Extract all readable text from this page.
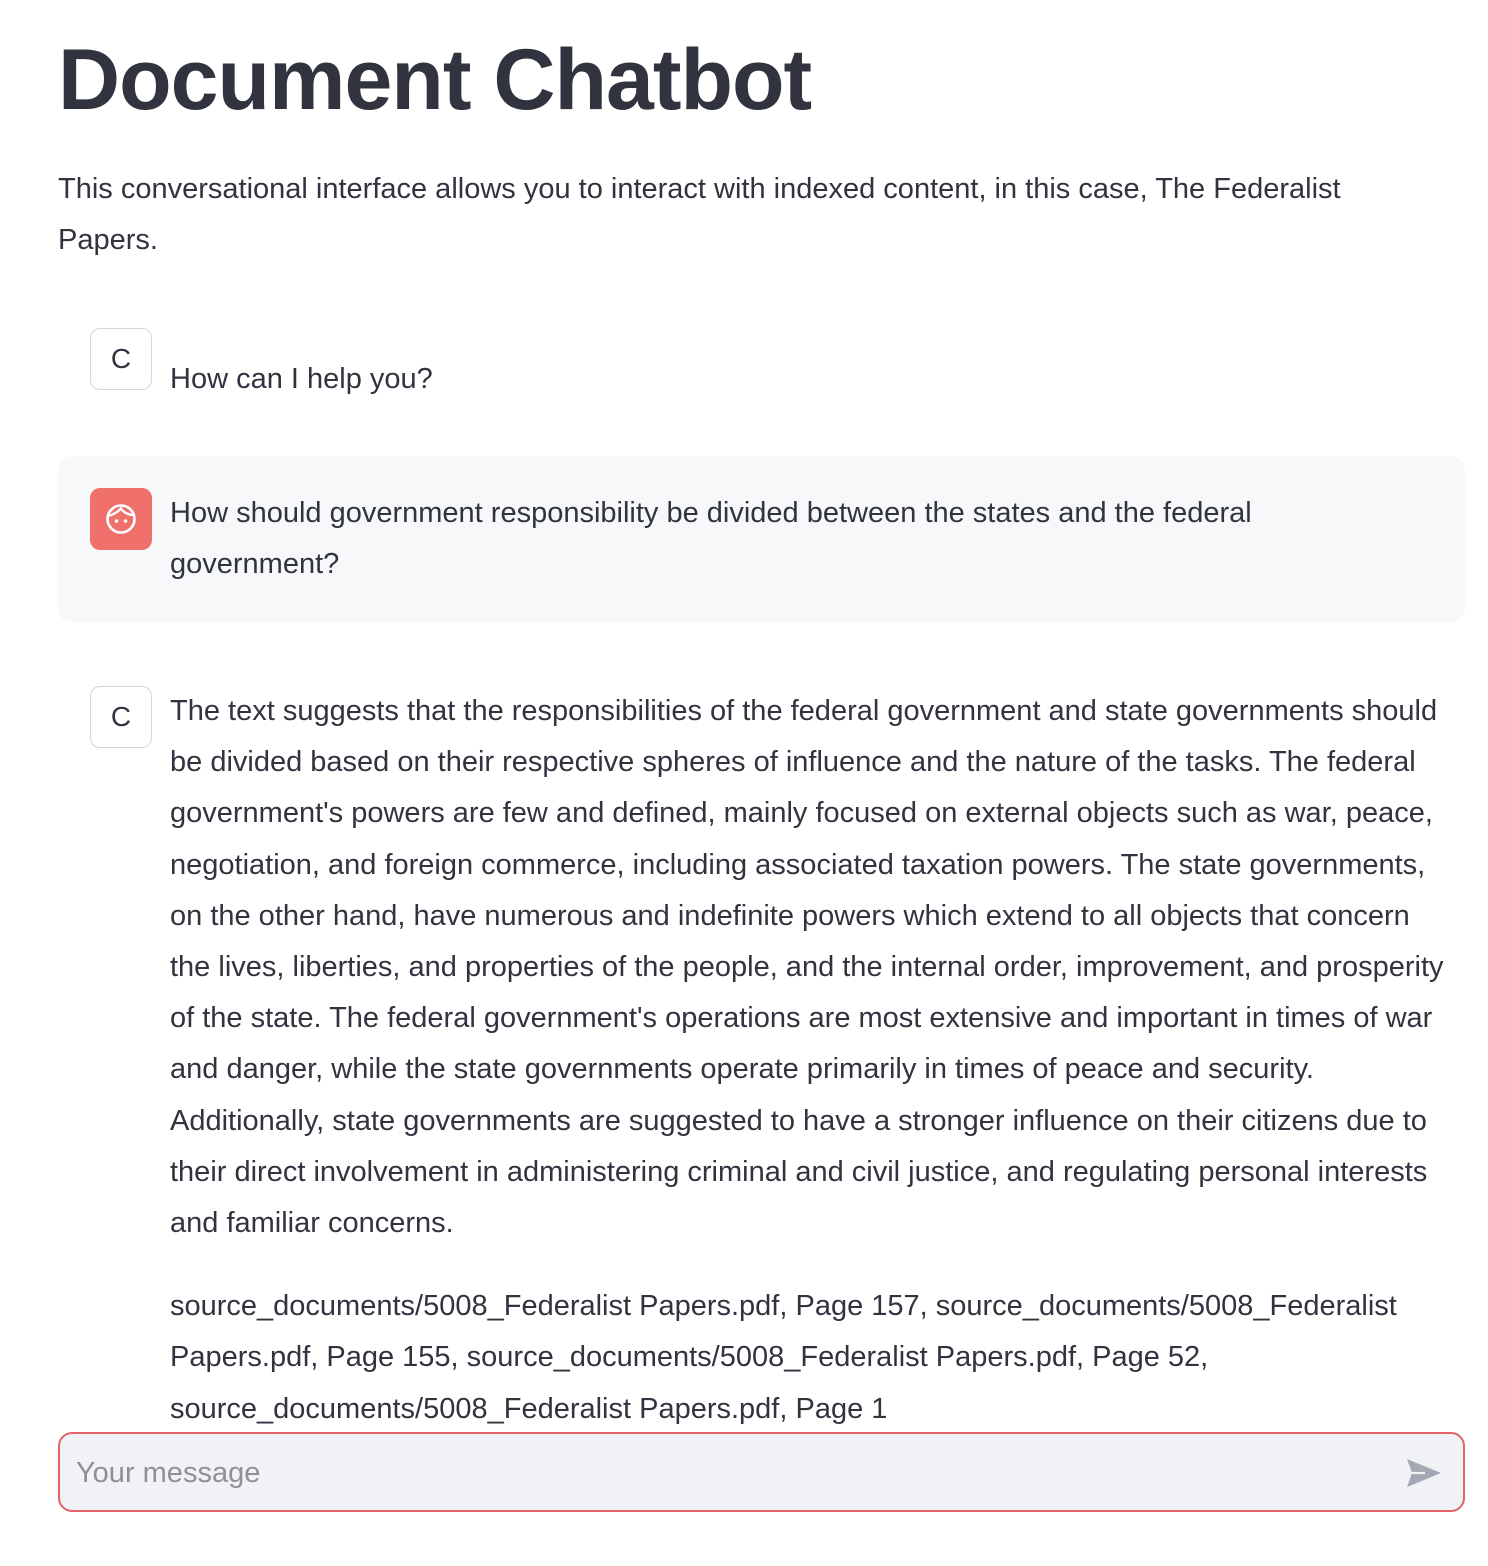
Document Chatbot

This conversational interface allows you to interact with indexed content, in this case, The Federalist Papers.

C
How can I help you?
How should government responsibility be divided between the states and the federal government?
C	The text suggests that the responsibilities of the federal government and state governments should be divided based on their respective spheres of influence and the nature of the tasks. The federal government's powers are few and defined, mainly focused on external objects such as war, peace, negotiation, and foreign commerce, including associated taxation powers. The state governments, on the other hand, have numerous and indefinite powers which extend to all objects that concern the lives, liberties, and properties of the people, and the internal order, improvement, and prosperity of the state. The federal government's operations are most extensive and important in times of war and danger, while the state governments operate primarily in times of peace and security. Additionally, state governments are suggested to have a stronger influence on their citizens due to their direct involvement in administering criminal and civil justice, and regulating personal interests and familiar concerns.

source_documents/5008_Federalist Papers.pdf, Page 157, source_documents/5008_Federalist Papers.pdf, Page 155, source_documents/5008_Federalist Papers.pdf, Page 52, source_documents/5008_Federalist Papers.pdf, Page 1

Your message
